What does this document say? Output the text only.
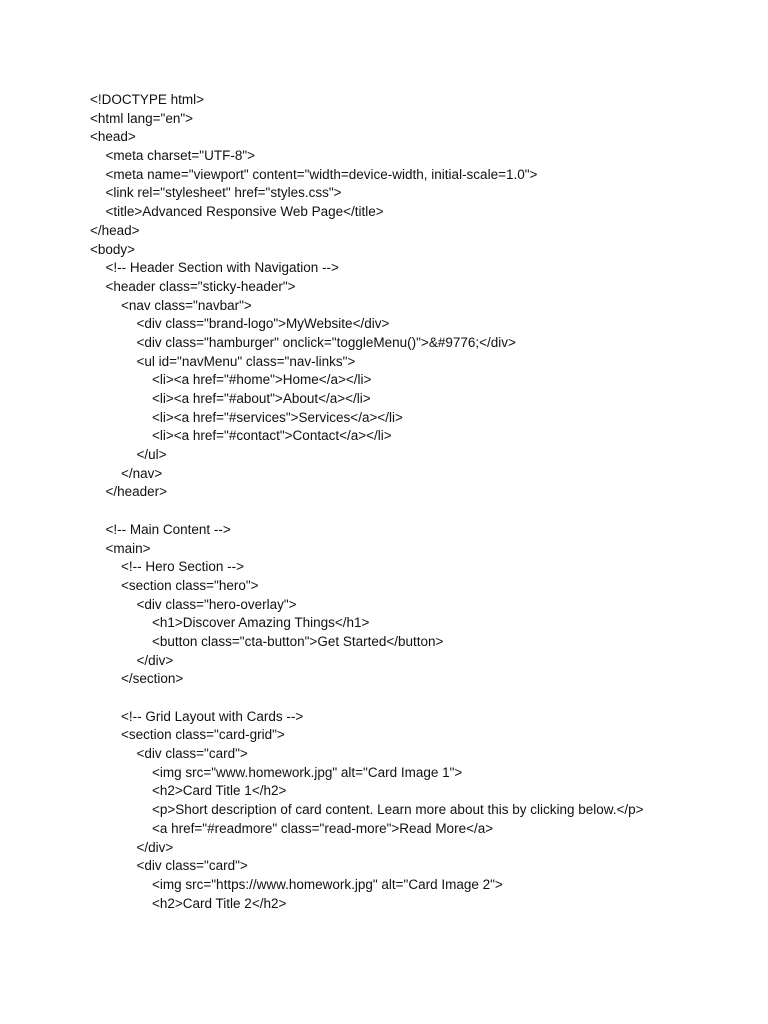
<!DOCTYPE html>
<html lang="en">
<head>
<meta charset="UTF-8">
<meta name="viewport" content="width=device-width, initial-scale=1.0">
<link rel="stylesheet" href="styles.css">
<title>Advanced Responsive Web Page</title>
</head>
<body>
<!-- Header Section with Navigation -->
<header class="sticky-header">
<nav class="navbar">
<div class="brand-logo">MyWebsite</div>
<div class="hamburger" onclick="toggleMenu()">&#9776;</div>
<ul id="navMenu" class="nav-links">
<li><a href="#home">Home</a></li>
<li><a href="#about">About</a></li>
<li><a href="#services">Services</a></li>
<li><a href="#contact">Contact</a></li>
</ul>
</nav>
</header>
<!-- Main Content -->
<main>
<!-- Hero Section -->
<section class="hero">
<div class="hero-overlay">
<h1>Discover Amazing Things</h1>
<button class="cta-button">Get Started</button>
</div>
</section>
<!-- Grid Layout with Cards -->
<section class="card-grid">
<div class="card">
<img src="www.homework.jpg" alt="Card Image 1">
<h2>Card Title 1</h2>
<p>Short description of card content. Learn more about this by clicking below.</p>
<a href="#readmore" class="read-more">Read More</a>
</div>
<div class="card">
<img src="https://www.homework.jpg" alt="Card Image 2">
<h2>Card Title 2</h2>
